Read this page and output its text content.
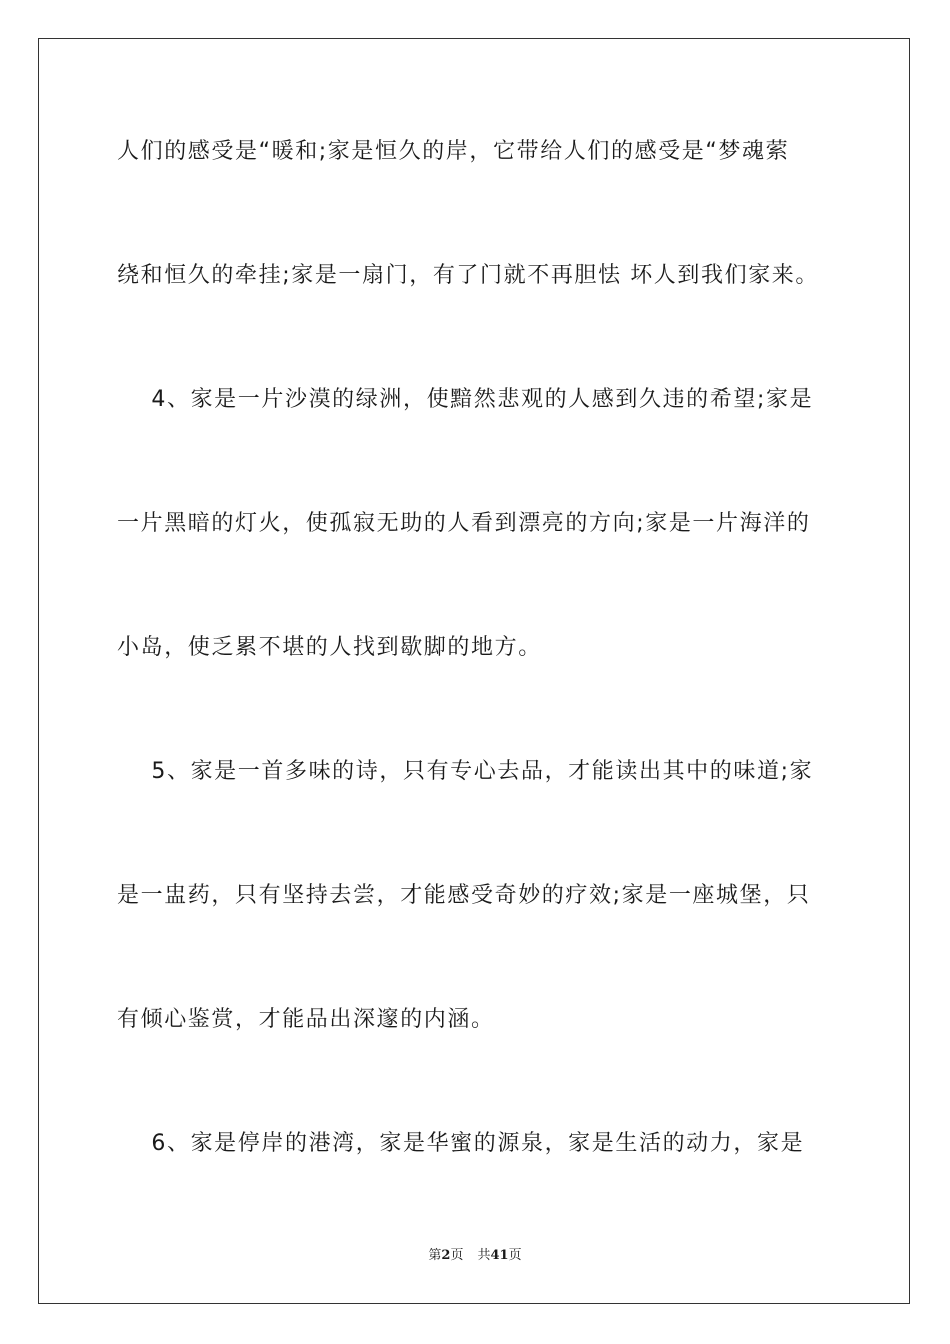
人们的感受是“暖和;家是恒久的岸，它带给人们的感受是“梦魂萦
绕和恒久的牵挂;家是一扇门，有了门就不再胆怯 坏人到我们家来。
4、家是一片沙漠的绿洲，使黯然悲观的人感到久违的希望;家是
一片黑暗的灯火，使孤寂无助的人看到漂亮的方向;家是一片海洋的
小岛，使乏累不堪的人找到歇脚的地方。
5、家是一首多味的诗，只有专心去品，才能读出其中的味道;家
是一盅药，只有坚持去尝，才能感受奇妙的疗效;家是一座城堡，只
有倾心鉴赏，才能品出深邃的内涵。
6、家是停岸的港湾，家是华蜜的源泉，家是生活的动力，家是
第2页 共41页
